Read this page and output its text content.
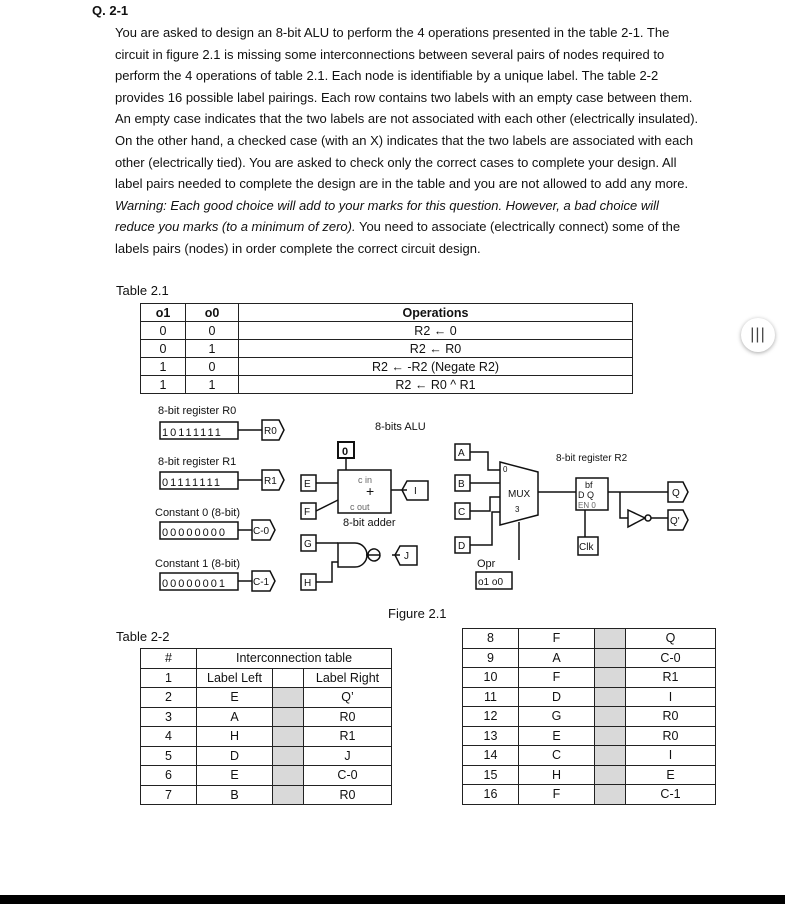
Q. 2-1

You are asked to design an 8-bit ALU to perform the 4 operations presented in the table 2-1. The circuit in figure 2.1 is missing some interconnections between several pairs of nodes required to perform the 4 operations of table 2.1. Each node is identifiable by a unique label. The table 2-2 provides 16 possible label pairings. Each row contains two labels with an empty case between them. An empty case indicates that the two labels are not associated with each other (electrically insulated). On the other hand, a checked case (with an X) indicates that the two labels are associated with each other (electrically tied). You are asked to check only the correct cases to complete your design. All label pairs needed to complete the design are in the table and you are not allowed to add any more.

Warning: Each good choice will add to your marks for this question. However, a bad choice will reduce you marks (to a minimum of zero). You need to associate (electrically connect) some of the labels pairs (nodes) in order complete the correct circuit design.
Table 2.1
o1	o0	Operations
0	0	R2 ← 0
0	1	R2 ← R0
1	0	R2 ← -R2 (Negate R2)
1	1	R2 ← R0 ^ R1
|||
8-bit register R0
10111111	R0
8-bit register R1
01111111	R1
Constant 0 (8-bit)
00000000	C-0
Constant 1 (8-bit)
00000001	C-1
8-bits ALU
0
c in
+
c out
8-bit adder
E
F
G
H
I
J
A
B
C
D
0
MUX
3
Opr
o1 o0
8-bit register R2
bf
D Q
EN 0
Clk
Q
Q'
Figure 2.1
Table 2-2
#	Interconnection table		
1	Label Left		Label Right
2	E		Q’
3	A		R0
4	H		R1
5	D		J
6	E		C-0
7	B		R0
8	F		Q
9	A		C-0
10	F		R1
11	D		I
12	G		R0
13	E		R0
14	C		I
15	H		E
16	F		C-1
